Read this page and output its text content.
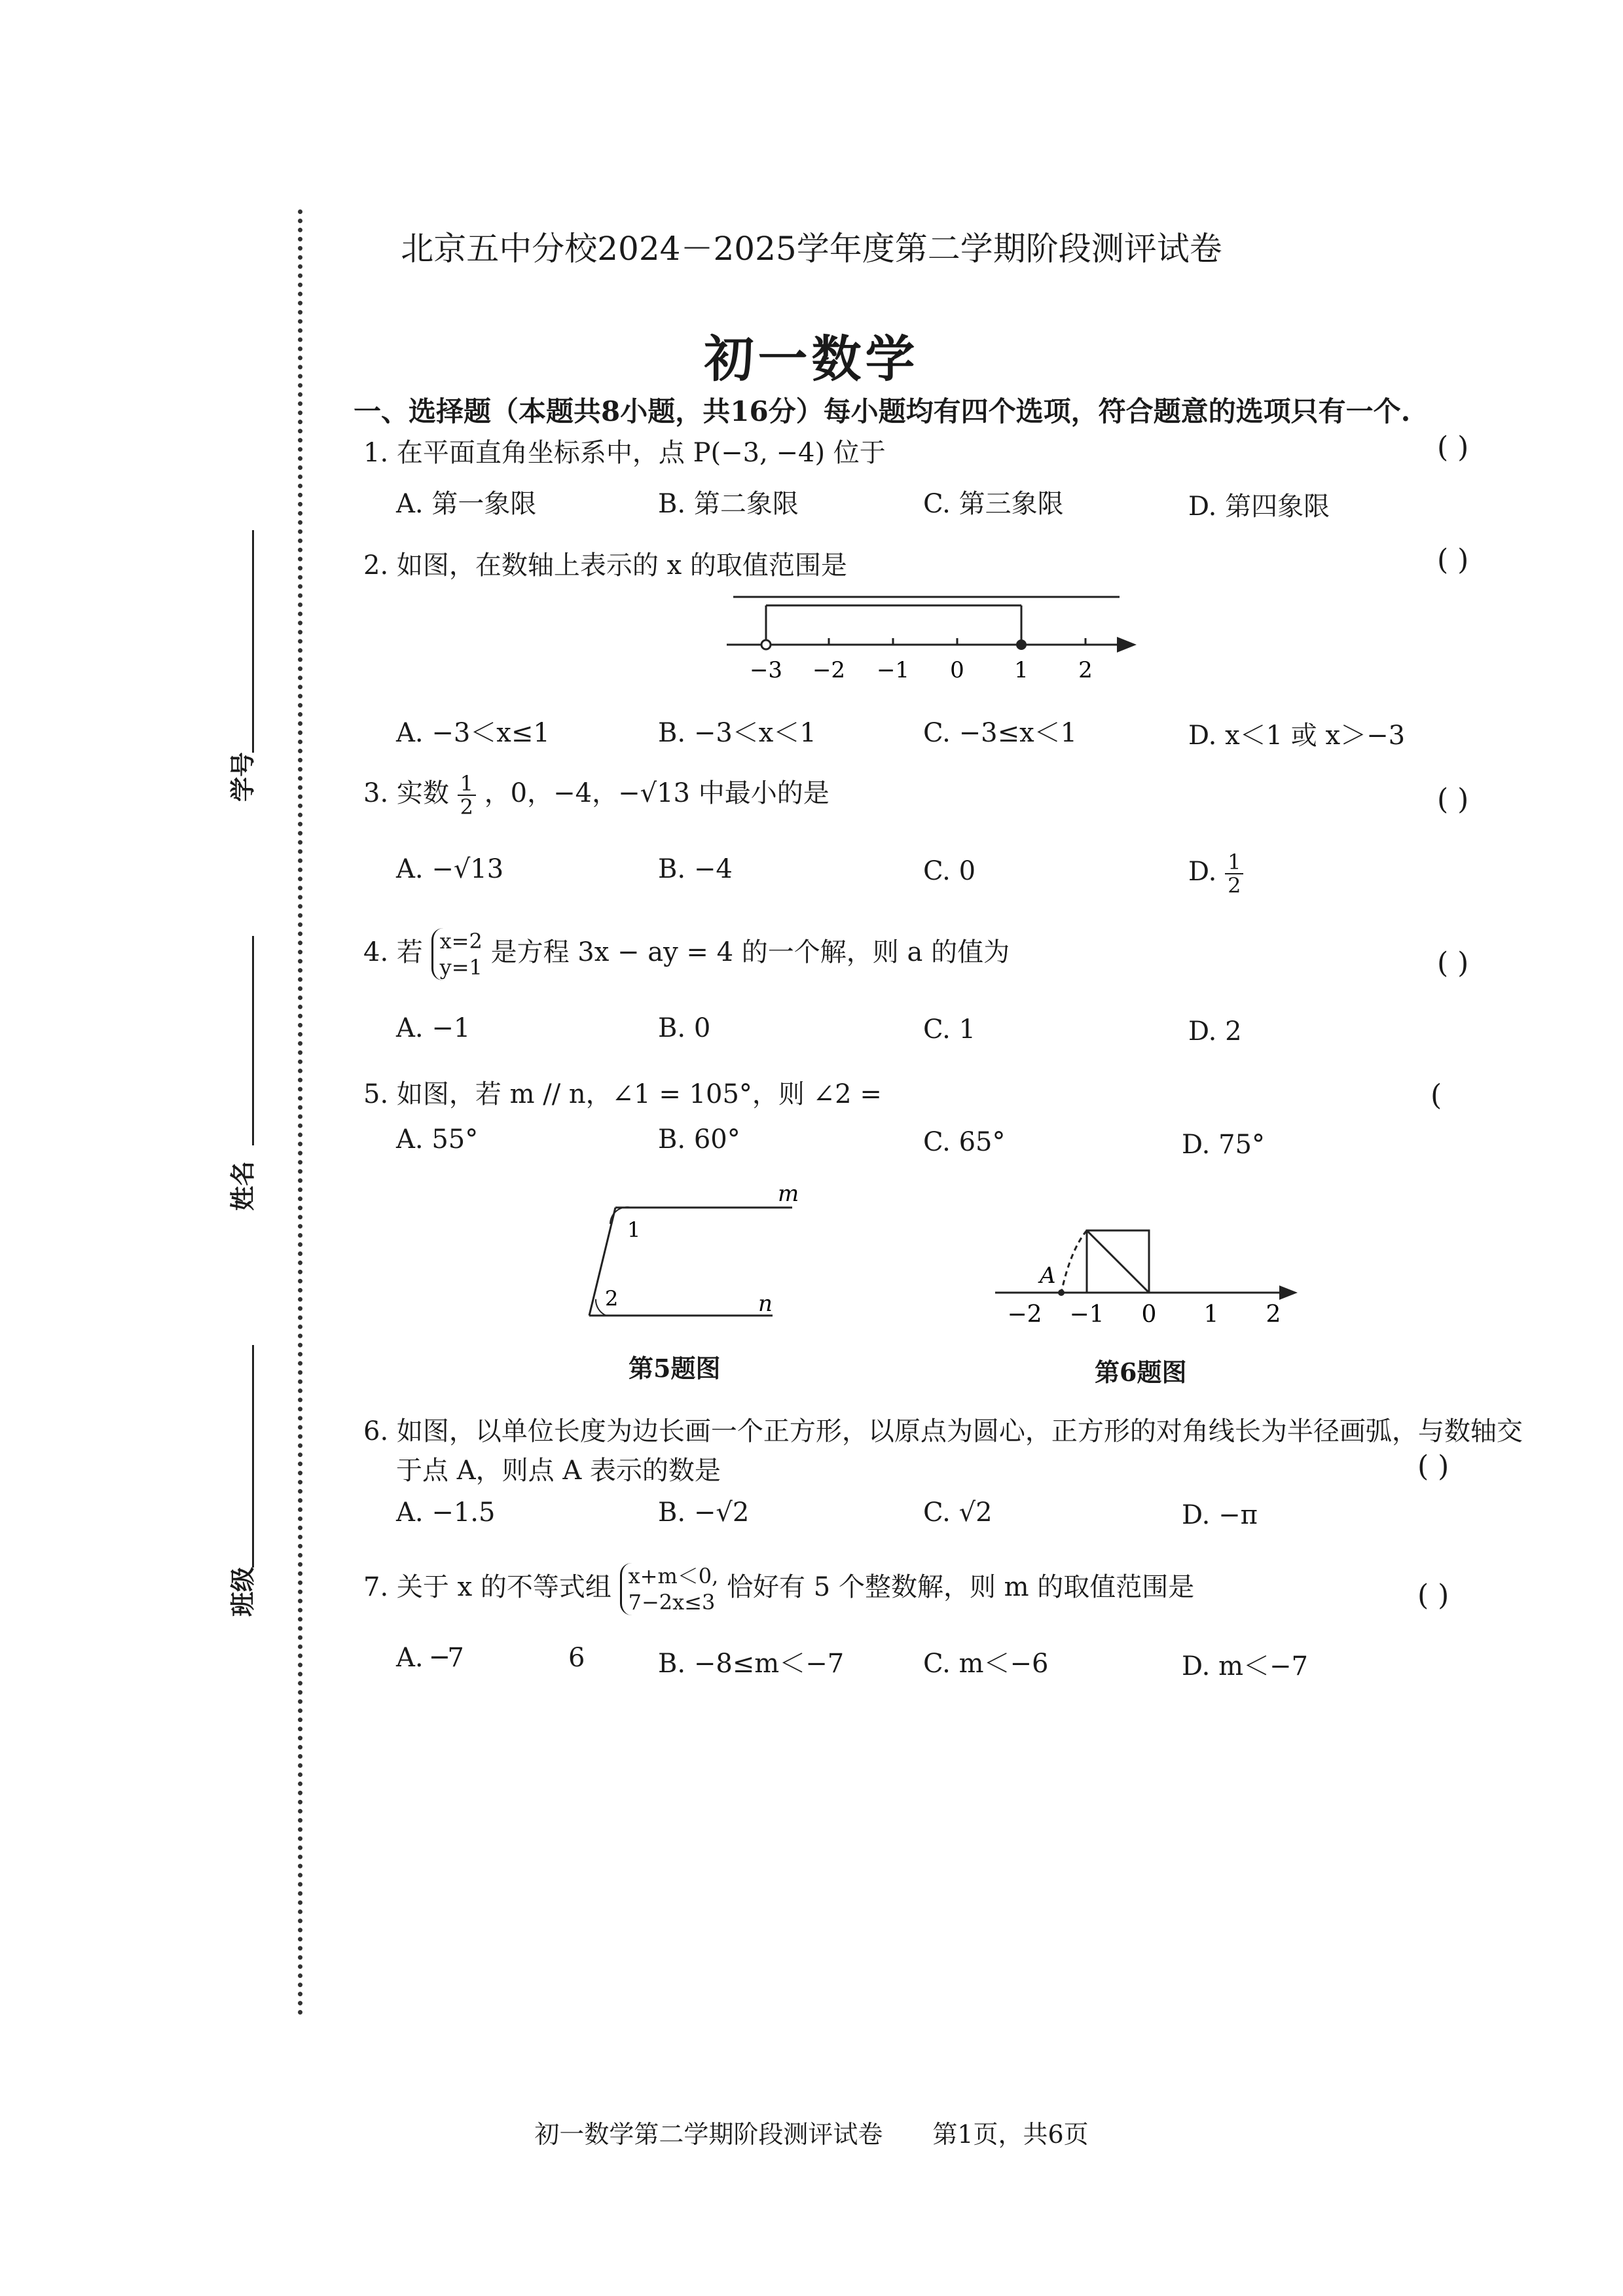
学号
姓名
班级
北京五中分校2024－2025学年度第二学期阶段测评试卷
初一数学
一、选择题（本题共8小题，共16分）每小题均有四个选项，符合题意的选项只有一个.
1. 在平面直角坐标系中，点 P(−3, −4) 位于	( )
A. 第一象限	B. 第二象限	C. 第三象限	D. 第四象限
2. 如图，在数轴上表示的 x 的取值范围是	( )
−3 −2 −1 0 1 2
A. −3＜x≤1	B. −3＜x＜1	C. −3≤x＜1	D. x＜1 或 x＞−3
3. 实数 $\frac{1}{2}$ ，0，−4，−√13 中最小的是	( )
A. −√13	B. −4	C. 0	D. $\frac{1}{2}$
4. 若 x=2
y=1 是方程 3x − ay = 4 的一个解，则 a 的值为	( )
A. −1	B. 0	C. 1	D. 2
5. 如图，若 m // n，∠1 = 105°，则 ∠2 =	(
A. 55°	B. 60°	C. 65°	D. 75°
m
n
1
2
第5题图
A
−2 −1 0 1 2
第6题图
6. 如图，以单位长度为边长画一个正方形，以原点为圆心，正方形的对角线长为半径画弧，与数轴交
于点 A，则点 A 表示的数是	( )
A. −1.5	B. −√2	C. √2	D. −π
7. 关于 x 的不等式组 x+m＜0,
7−2x≤3 恰好有 5 个整数解，则 m 的取值范围是	( )
A. ─7	6	B. −8≤m＜−7	C. m＜−6	D. m＜−7
初一数学第二学期阶段测评试卷　　第1页，共6页
